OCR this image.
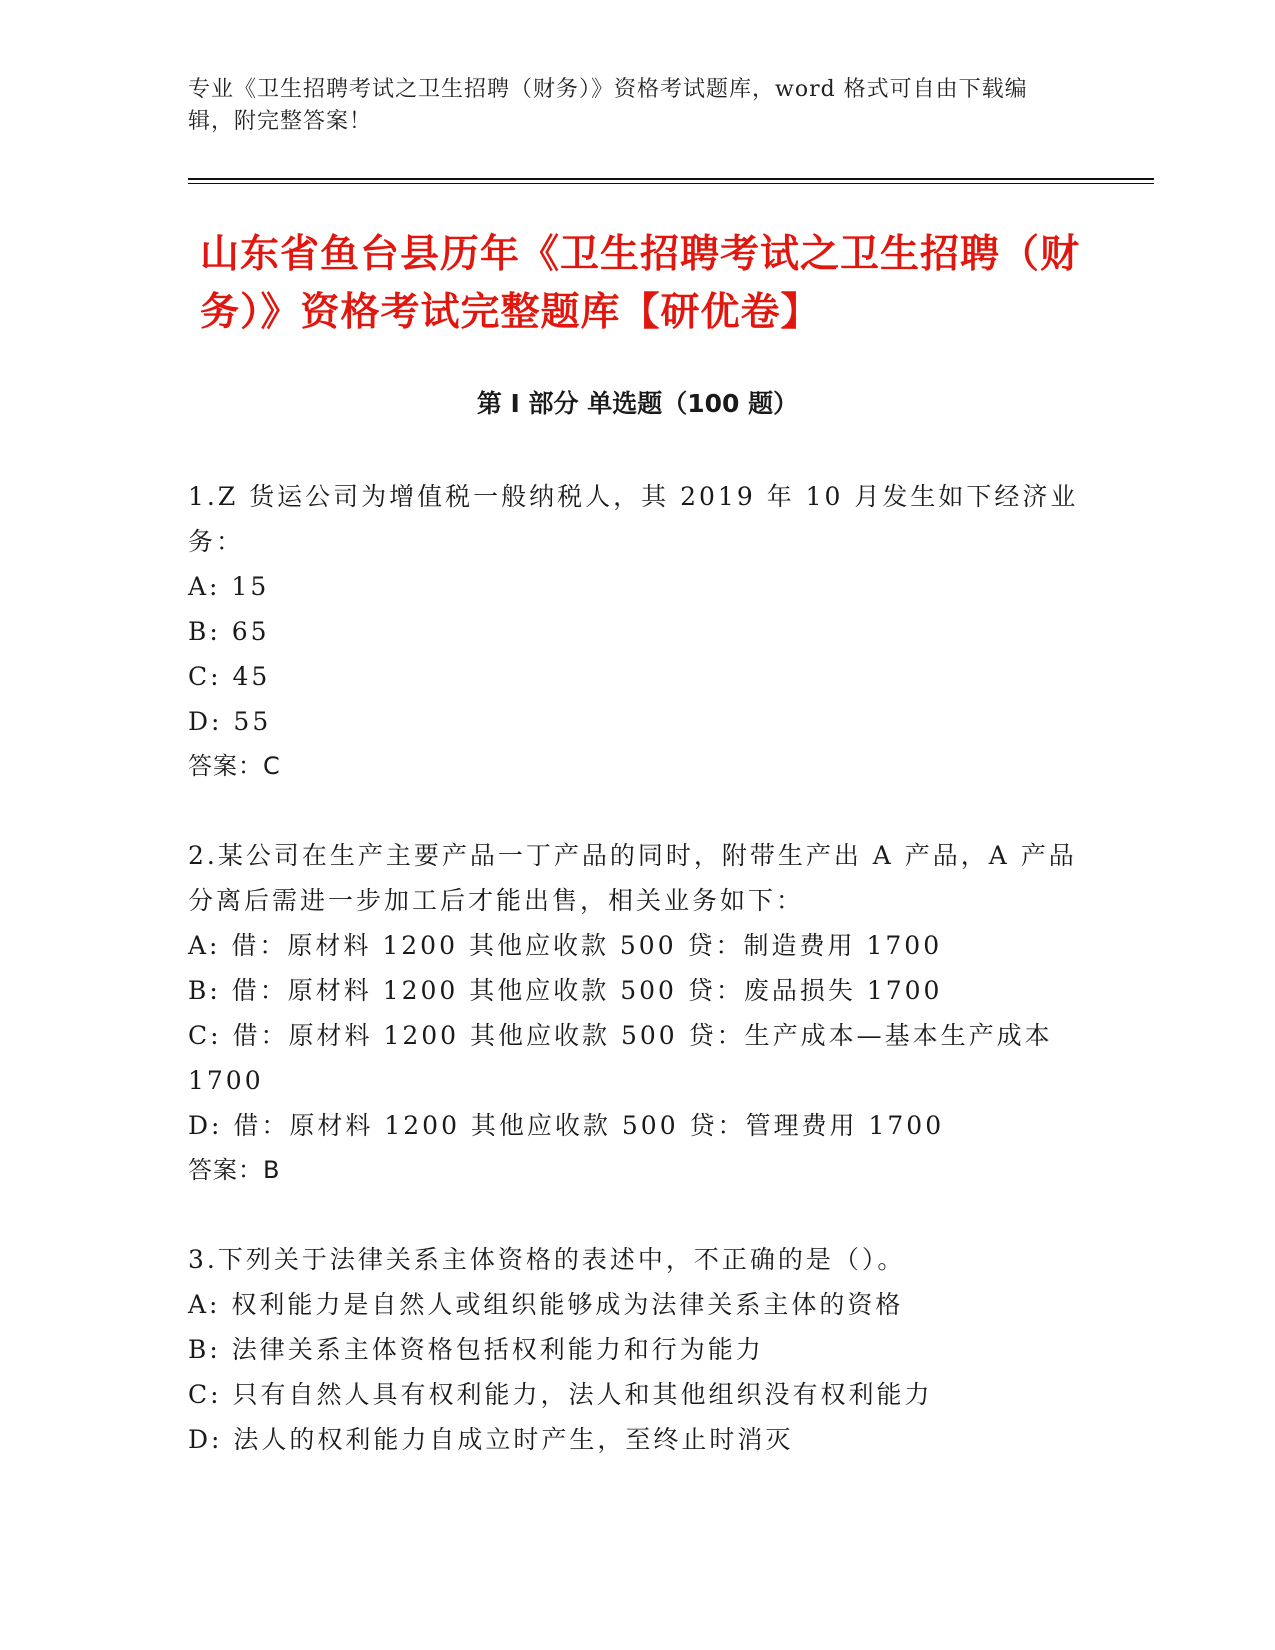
专业《卫生招聘考试之卫生招聘（财务）》资格考试题库，word 格式可自由下载编辑，附完整答案！
山东省鱼台县历年《卫生招聘考试之卫生招聘（财务）》资格考试完整题库【研优卷】
第 I 部分 单选题（100 题）

1.Z 货运公司为增值税一般纳税人，其 2019 年 10 月发生如下经济业务：

A: 15

B: 65

C: 45

D: 55

答案：C

2.某公司在生产主要产品一丁产品的同时，附带生产出 A 产品，A 产品分离后需进一步加工后才能出售，相关业务如下：

A: 借：原材料 1200 其他应收款 500 贷：制造费用 1700

B: 借：原材料 1200 其他应收款 500 贷：废品损失 1700

C: 借：原材料 1200 其他应收款 500 贷：生产成本—基本生产成本 1700

D: 借：原材料 1200 其他应收款 500 贷：管理费用 1700

答案：B

3.下列关于法律关系主体资格的表述中，不正确的是（）。

A: 权利能力是自然人或组织能够成为法律关系主体的资格

B: 法律关系主体资格包括权利能力和行为能力

C: 只有自然人具有权利能力，法人和其他组织没有权利能力

D: 法人的权利能力自成立时产生，至终止时消灭
